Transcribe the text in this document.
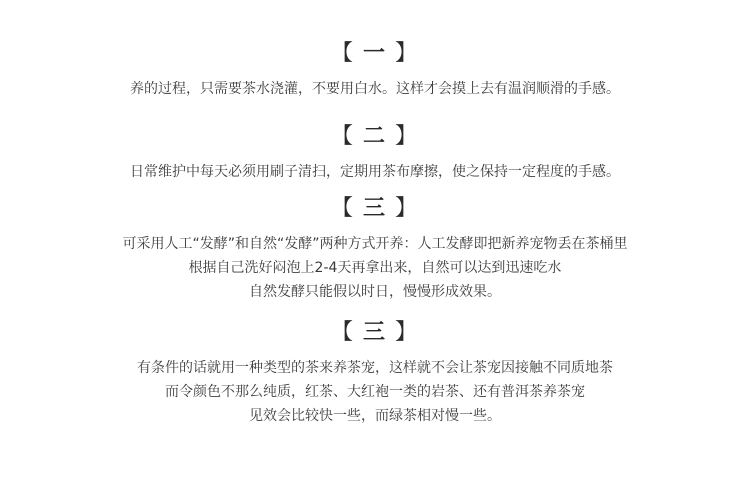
【 一 】
养的过程，只需要茶水浇灌，不要用白水。这样才会摸上去有温润顺滑的手感。
【 二 】
日常维护中每天必须用刷子清扫，定期用茶布摩擦，使之保持一定程度的手感。
【 三 】
可采用人工“发酵”和自然“发酵”两种方式开养：人工发酵即把新养宠物丢在茶桶里
根据自己洗好闷泡上2-4天再拿出来，自然可以达到迅速吃水
自然发酵只能假以时日，慢慢形成效果。
【 三 】
有条件的话就用一种类型的茶来养茶宠，这样就不会让茶宠因接触不同质地茶
而令颜色不那么纯质，红茶、大红袍一类的岩茶、还有普洱茶养茶宠
见效会比较快一些，而绿茶相对慢一些。
